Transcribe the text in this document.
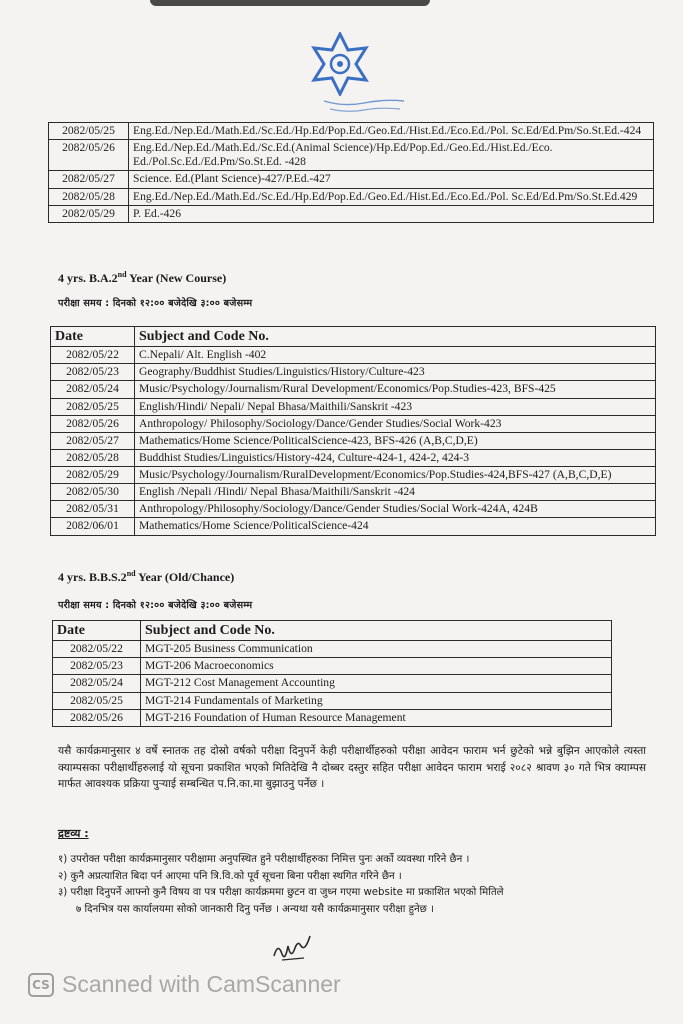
2082/05/25	Eng.Ed./Nep.Ed./Math.Ed./Sc.Ed./Hp.Ed/Pop.Ed./Geo.Ed./Hist.Ed./Eco.Ed./Pol. Sc.Ed/Ed.Pm/So.St.Ed.-424
2082/05/26	Eng.Ed./Nep.Ed./Math.Ed./Sc.Ed.(Animal Science)/Hp.Ed/Pop.Ed./Geo.Ed./Hist.Ed./Eco. Ed./Pol.Sc.Ed./Ed.Pm/So.St.Ed. -428
2082/05/27	Science. Ed.(Plant Science)-427/P.Ed.-427
2082/05/28	Eng.Ed./Nep.Ed./Math.Ed./Sc.Ed./Hp.Ed/Pop.Ed./Geo.Ed./Hist.Ed./Eco.Ed./Pol. Sc.Ed/Ed.Pm/So.St.Ed.429
2082/05/29	P. Ed.-426
4 yrs. B.A.2nd Year (New Course)
परीक्षा समय : दिनको १२:०० बजेदेखि ३:०० बजेसम्म
Date	Subject and Code No.
2082/05/22	C.Nepali/ Alt. English -402
2082/05/23	Geography/Buddhist Studies/Linguistics/History/Culture-423
2082/05/24	Music/Psychology/Journalism/Rural Development/Economics/Pop.Studies-423, BFS-425
2082/05/25	English/Hindi/ Nepali/ Nepal Bhasa/Maithili/Sanskrit -423
2082/05/26	Anthropology/ Philosophy/Sociology/Dance/Gender Studies/Social Work-423
2082/05/27	Mathematics/Home Science/PoliticalScience-423, BFS-426 (A,B,C,D,E)
2082/05/28	Buddhist Studies/Linguistics/History-424, Culture-424-1, 424-2, 424-3
2082/05/29	Music/Psychology/Journalism/RuralDevelopment/Economics/Pop.Studies-424,BFS-427 (A,B,C,D,E)
2082/05/30	English /Nepali /Hindi/ Nepal Bhasa/Maithili/Sanskrit -424
2082/05/31	Anthropology/Philosophy/Sociology/Dance/Gender Studies/Social Work-424A, 424B
2082/06/01	Mathematics/Home Science/PoliticalScience-424
4 yrs. B.B.S.2nd Year (Old/Chance)
परीक्षा समय : दिनको १२:०० बजेदेखि ३:०० बजेसम्म
Date	Subject and Code No.
2082/05/22	MGT-205 Business Communication
2082/05/23	MGT-206 Macroeconomics
2082/05/24	MGT-212 Cost Management Accounting
2082/05/25	MGT-214 Fundamentals of Marketing
2082/05/26	MGT-216 Foundation of Human Resource Management
यसै कार्यक्रमानुसार ४ वर्षे स्नातक तह दोस्रो वर्षको परीक्षा दिनुपर्ने केही परीक्षार्थीहरुको परीक्षा आवेदन फाराम भर्न छुटेको भन्ने बुझिन आएकोले त्यस्ता क्याम्पसका परीक्षार्थीहरुलाई यो सूचना प्रकाशित भएको मितिदेखि नै दोब्बर दस्तुर सहित परीक्षा आवेदन फाराम भराई २०८२ श्रावण ३० गते भित्र क्याम्पस मार्फत आवश्यक प्रक्रिया पुऱ्याई सम्बन्धित प.नि.का.मा बुझाउनु पर्नेछ ।
द्रष्टव्य :
१) उपरोक्त परीक्षा कार्यक्रमानुसार परीक्षामा अनुपस्थित हुने परीक्षार्थीहरुका निमित्त पुनः अर्को व्यवस्था गरिने छैन ।
२) कुनै अप्रत्याशित बिदा पर्न आएमा पनि त्रि.वि.को पूर्व सूचना बिना परीक्षा स्थगित गरिने छैन ।
३) परीक्षा दिनुपर्ने आफ्नो कुनै विषय वा पत्र परीक्षा कार्यक्रममा छुटन वा जुध्न गएमा website मा प्रकाशित भएको मितिले
७ दिनभित्र यस कार्यालयमा सोको जानकारी दिनु पर्नेछ । अन्यथा यसै कार्यक्रमानुसार परीक्षा हुनेछ ।
CS Scanned with CamScanner
